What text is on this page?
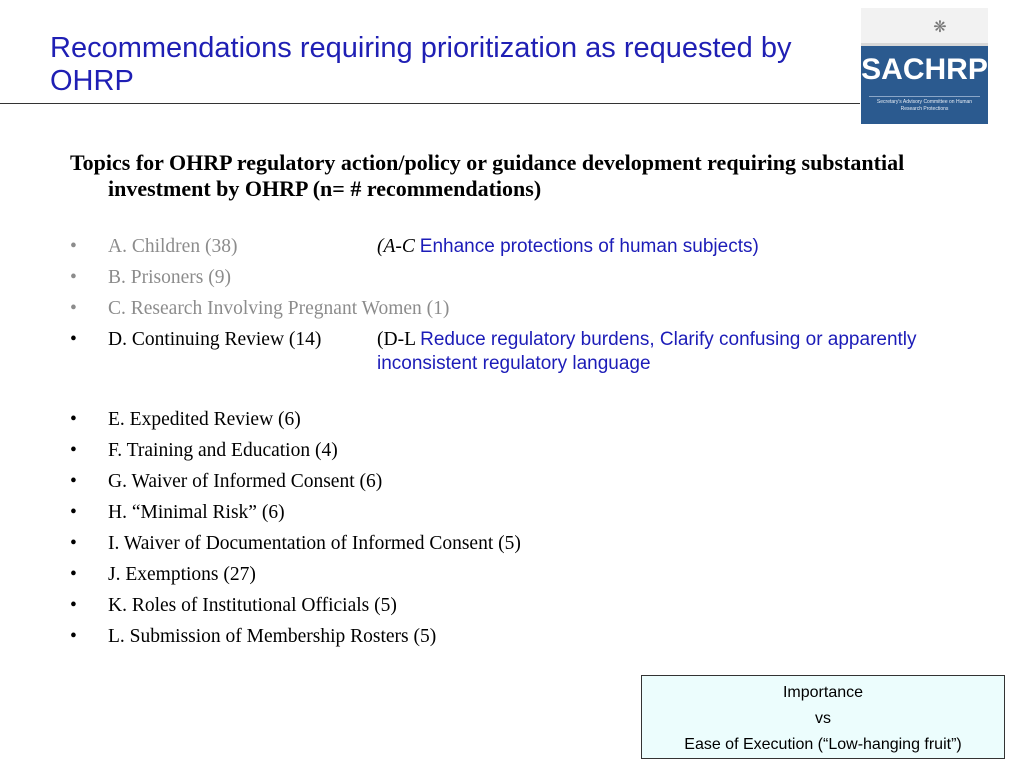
Recommendations requiring prioritization as requested by OHRP
❋
SACHRP
Secretary's Advisory Committee on Human Research Protections
Topics for OHRP regulatory action/policy or guidance development requiring substantial investment by OHRP (n= # recommendations)
• A. Children (38)	(A-C Enhance protections of human subjects)
• B. Prisoners (9)
• C. Research Involving Pregnant Women (1)
• D. Continuing Review (14)	(D-L Reduce regulatory burdens, Clarify confusing or apparently inconsistent regulatory language
• E. Expedited Review (6)
• F. Training and Education (4)
• G. Waiver of Informed Consent (6)
• H. “Minimal Risk” (6)
• I. Waiver of Documentation of Informed Consent (5)
• J. Exemptions (27)
• K. Roles of Institutional Officials (5)
• L. Submission of Membership Rosters (5)
Importance
vs
Ease of Execution (“Low-hanging fruit”)
